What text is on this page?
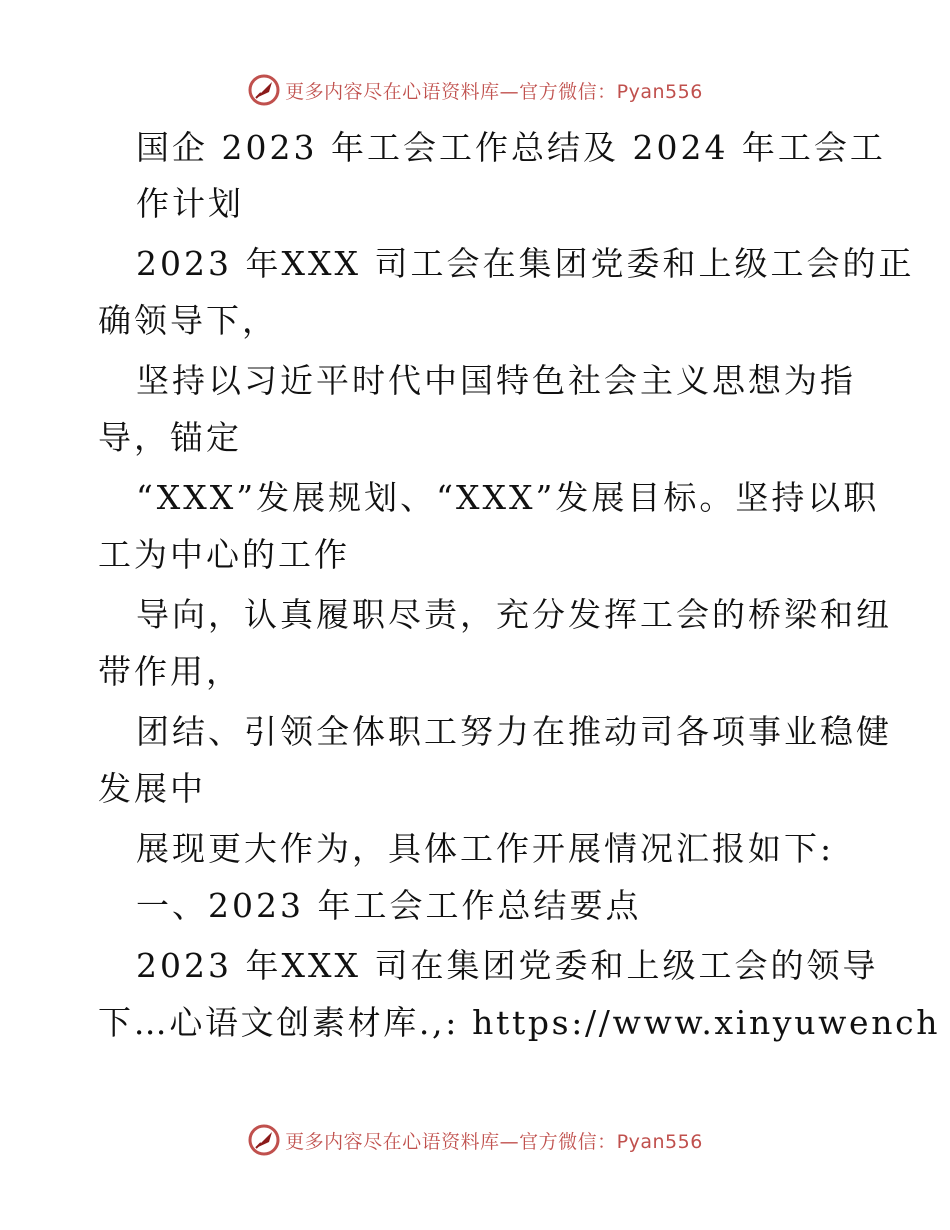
更多内容尽在心语资料库—官方微信：Pyan556
国企 2023 年工会工作总结及 2024 年工会工
作计划
2023 年XXX 司工会在集团党委和上级工会的正
确领导下，
坚持以习近平时代中国特色社会主义思想为指
导，锚定
“XXX”发展规划、“XXX”发展目标。坚持以职
工为中心的工作
导向，认真履职尽责，充分发挥工会的桥梁和纽
带作用，
团结、引领全体职工努力在推动司各项事业稳健
发展中
展现更大作为，具体工作开展情况汇报如下:
一、2023 年工会工作总结要点
2023 年XXX 司在集团党委和上级工会的领导
下…心语文创素材库.,: https://www.xinyuwench
更多内容尽在心语资料库—官方微信：Pyan556
